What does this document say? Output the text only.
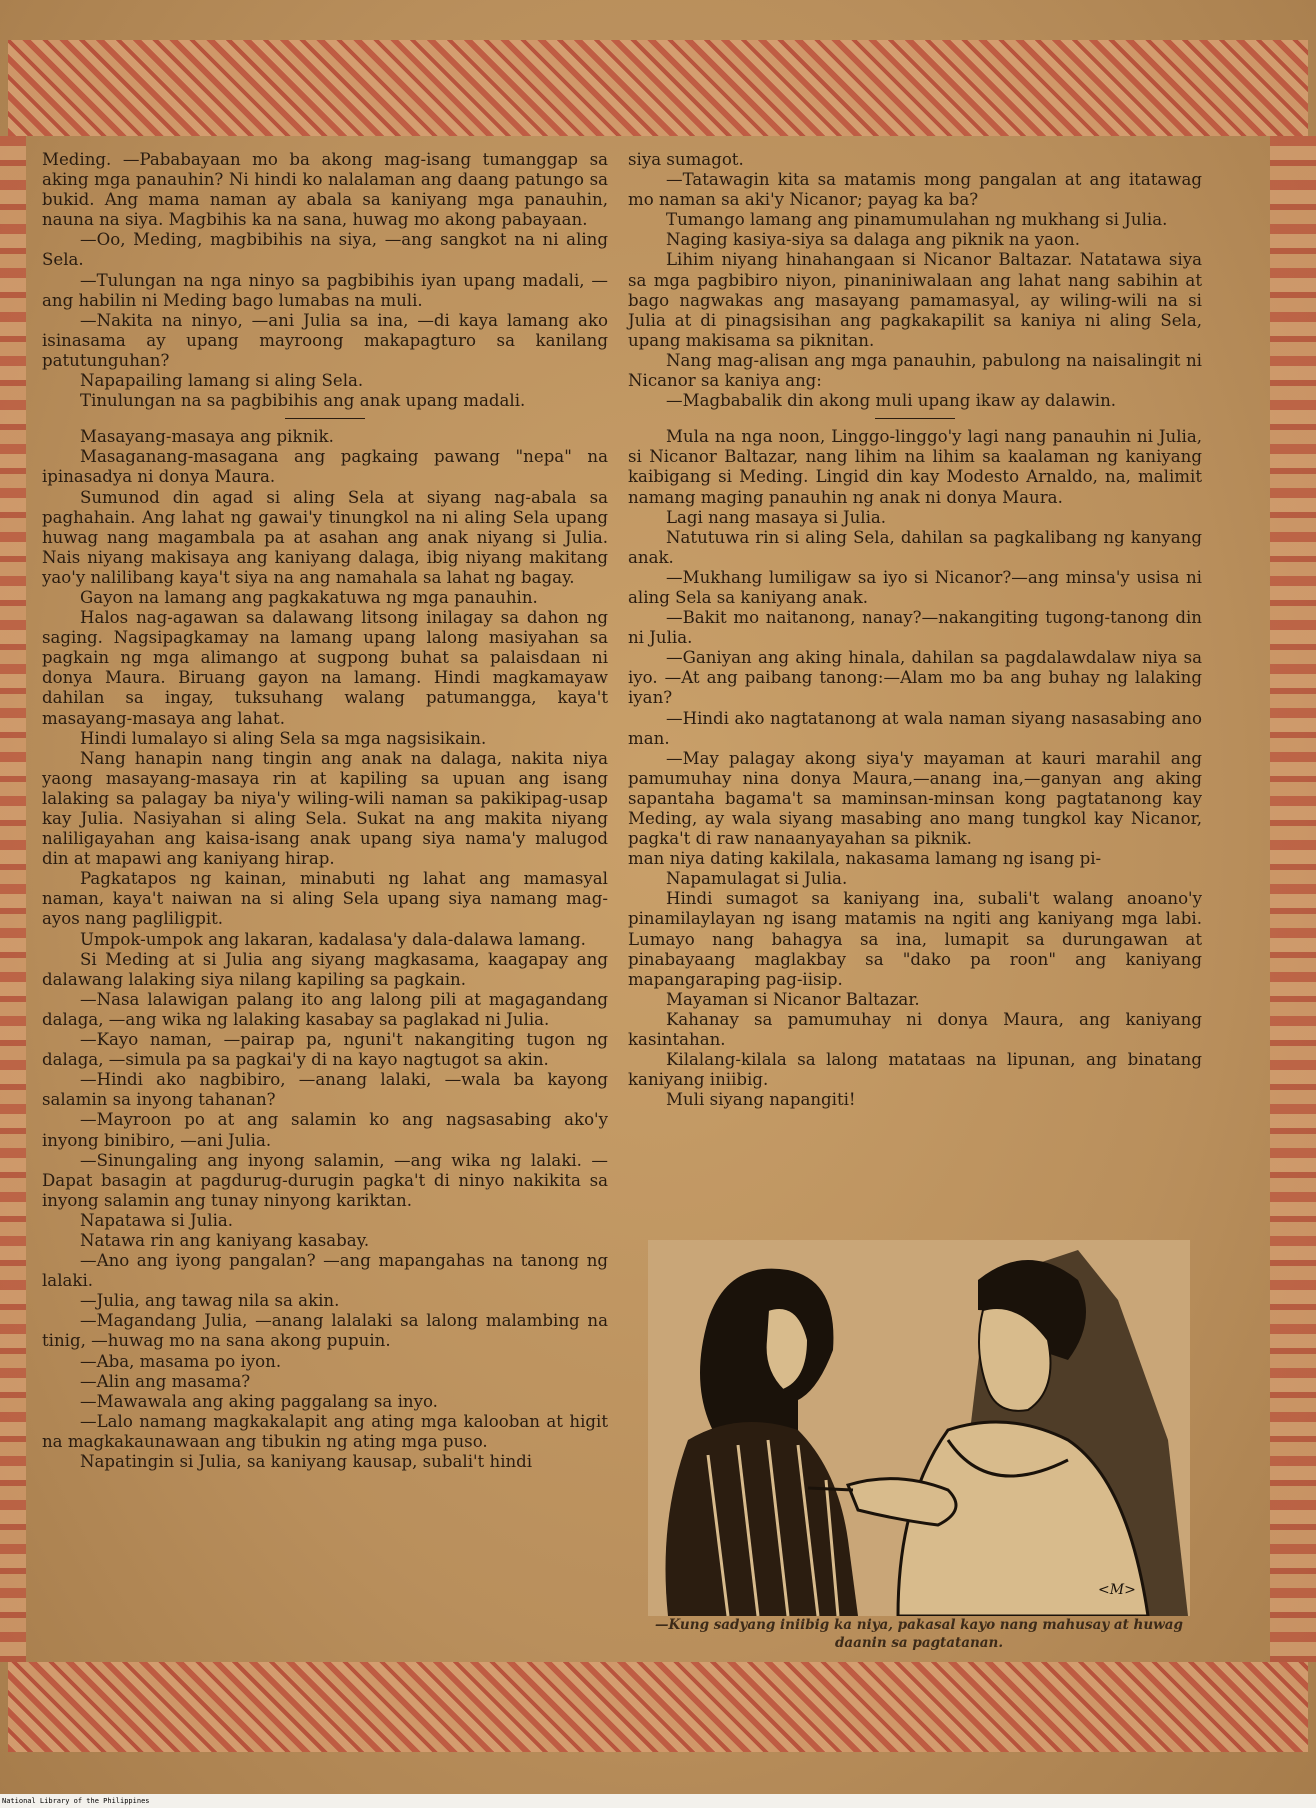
Meding. —Pababayaan mo ba akong mag-isang tumanggap sa aking mga panauhin? Ni hindi ko nalalaman ang daang patungo sa bukid. Ang mama naman ay abala sa kaniyang mga panauhin, nauna na siya. Magbihis ka na sana, huwag mo akong pabayaan.

—Oo, Meding, magbibihis na siya, —ang sangkot na ni aling Sela.

—Tulungan na nga ninyo sa pagbibihis iyan upang madali, — ang habilin ni Meding bago lumabas na muli.

—Nakita na ninyo, —ani Julia sa ina, —di kaya lamang ako isinasama ay upang mayroong makapagturo sa kanilang patutunguhan?

Napapailing lamang si aling Sela.

Tinulungan na sa pagbibihis ang anak upang madali.

Masayang-masaya ang piknik.

Masaganang-masagana ang pagkaing pawang "nepa" na ipinasadya ni donya Maura.

Sumunod din agad si aling Sela at siyang nag-abala sa paghahain. Ang lahat ng gawai'y tinungkol na ni aling Sela upang huwag nang magambala pa at asahan ang anak niyang si Julia. Nais niyang makisaya ang kaniyang dalaga, ibig niyang makitang yao'y nalilibang kaya't siya na ang namahala sa lahat ng bagay.

Gayon na lamang ang pagkakatuwa ng mga panauhin.

Halos nag-agawan sa dalawang litsong inilagay sa dahon ng saging. Nagsipagkamay na lamang upang lalong masiyahan sa pagkain ng mga alimango at sugpong buhat sa palaisdaan ni donya Maura. Biruang gayon na lamang. Hindi magkamayaw dahilan sa ingay, tuksuhang walang patumangga, kaya't masayang-masaya ang lahat.

Hindi lumalayo si aling Sela sa mga nagsisikain.

Nang hanapin nang tingin ang anak na dalaga, nakita niya yaong masayang-masaya rin at kapiling sa upuan ang isang lalaking sa palagay ba niya'y wiling-wili naman sa pakikipag-usap kay Julia. Nasiyahan si aling Sela. Sukat na ang makita niyang naliligayahan ang kaisa-isang anak upang siya nama'y malugod din at mapawi ang kaniyang hirap.

Pagkatapos ng kainan, minabuti ng lahat ang mamasyal naman, kaya't naiwan na si aling Sela upang siya namang mag-ayos nang pagliligpit.

Umpok-umpok ang lakaran, kadalasa'y dala-dalawa lamang.

Si Meding at si Julia ang siyang magkasama, kaagapay ang dalawang lalaking siya nilang kapiling sa pagkain.

—Nasa lalawigan palang ito ang lalong pili at magagandang dalaga, —ang wika ng lalaking kasabay sa paglakad ni Julia.

—Kayo naman, —pairap pa, nguni't nakangiting tugon ng dalaga, —simula pa sa pagkai'y di na kayo nagtugot sa akin.

—Hindi ako nagbibiro, —anang lalaki, —wala ba kayong salamin sa inyong tahanan?

—Mayroon po at ang salamin ko ang nagsasabing ako'y inyong binibiro, —ani Julia.

—Sinungaling ang inyong salamin, —ang wika ng lalaki. —Dapat basagin at pagdurug-durugin pagka't di ninyo nakikita sa inyong salamin ang tunay ninyong kariktan.

Napatawa si Julia.

Natawa rin ang kaniyang kasabay.

—Ano ang iyong pangalan? —ang mapangahas na tanong ng lalaki.

—Julia, ang tawag nila sa akin.

—Magandang Julia, —anang lalalaki sa lalong malambing na tinig, —huwag mo na sana akong pupuin.

—Aba, masama po iyon.

—Alin ang masama?

—Mawawala ang aking paggalang sa inyo.

—Lalo namang magkakalapit ang ating mga kalooban at higit na magkakaunawaan ang tibukin ng ating mga puso.

Napatingin si Julia, sa kaniyang kausap, subali't hindi

siya sumagot.

—Tatawagin kita sa matamis mong pangalan at ang itatawag mo naman sa aki'y Nicanor; payag ka ba?

Tumango lamang ang pinamumulahan ng mukhang si Julia.

Naging kasiya-siya sa dalaga ang piknik na yaon.

Lihim niyang hinahangaan si Nicanor Baltazar. Natatawa siya sa mga pagbibiro niyon, pinaniniwalaan ang lahat nang sabihin at bago nagwakas ang masayang pamamasyal, ay wiling-wili na si Julia at di pinagsisihan ang pagkakapilit sa kaniya ni aling Sela, upang makisama sa piknitan.

Nang mag-alisan ang mga panauhin, pabulong na naisalingit ni Nicanor sa kaniya ang:

—Magbabalik din akong muli upang ikaw ay dalawin.

Mula na nga noon, Linggo-linggo'y lagi nang panauhin ni Julia, si Nicanor Baltazar, nang lihim na lihim sa kaalaman ng kaniyang kaibigang si Meding. Lingid din kay Modesto Arnaldo, na, malimit namang maging panauhin ng anak ni donya Maura.

Lagi nang masaya si Julia.

Natutuwa rin si aling Sela, dahilan sa pagkalibang ng kanyang anak.

—Mukhang lumiligaw sa iyo si Nicanor?—ang minsa'y usisa ni aling Sela sa kaniyang anak.

—Bakit mo naitanong, nanay?—nakangiting tugong-tanong din ni Julia.

—Ganiyan ang aking hinala, dahilan sa pagdalawdalaw niya sa iyo. —At ang paibang tanong:—Alam mo ba ang buhay ng lalaking iyan?

—Hindi ako nagtatanong at wala naman siyang nasasabing ano man.

—May palagay akong siya'y mayaman at kauri marahil ang pamumuhay nina donya Maura,—anang ina,—ganyan ang aking sapantaha bagama't sa maminsan-minsan kong pagtatanong kay Meding, ay wala siyang masabing ano mang tungkol kay Nicanor, pagka't di raw nanaanyayahan sa piknik.

man niya dating kakilala, nakasama lamang ng isang pi-

Napamulagat si Julia.

Hindi sumagot sa kaniyang ina, subali't walang anoano'y pinamilaylayan ng isang matamis na ngiti ang kaniyang mga labi. Lumayo nang bahagya sa ina, lumapit sa durungawan at pinabayaang maglakbay sa "dako pa roon" ang kaniyang mapangaraping pag-iisip.

Mayaman si Nicanor Baltazar.

Kahanay sa pamumuhay ni donya Maura, ang kaniyang kasintahan.

Kilalang-kilala sa lalong matataas na lipunan, ang binatang kaniyang iniibig.

Muli siyang napangiti!

<M>
—Kung sadyang iniibig ka niya, pakasal kayo nang mahusay at huwag daanin sa pagtatanan.
National Library of the Philippines
